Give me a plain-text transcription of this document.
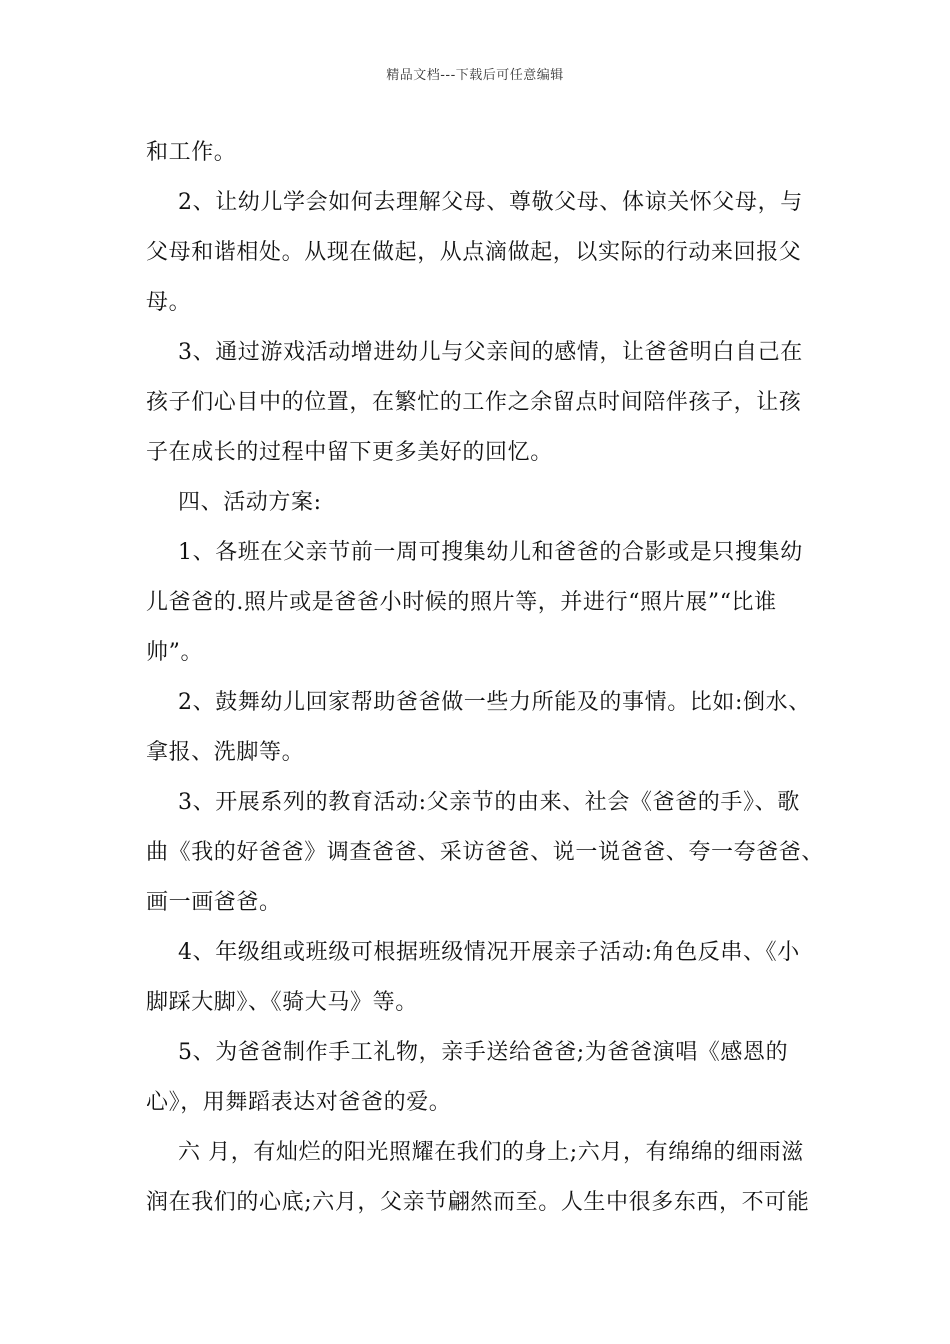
精品文档---下载后可任意编辑
和工作。
2、让幼儿学会如何去理解父母、尊敬父母、体谅关怀父母，与
父母和谐相处。从现在做起，从点滴做起，以实际的行动来回报父
母。
3、通过游戏活动增进幼儿与父亲间的感情，让爸爸明白自己在
孩子们心目中的位置，在繁忙的工作之余留点时间陪伴孩子，让孩
子在成长的过程中留下更多美好的回忆。
四、活动方案:
1、各班在父亲节前一周可搜集幼儿和爸爸的合影或是只搜集幼
儿爸爸的.照片或是爸爸小时候的照片等，并进行“照片展”“比谁
帅”。
2、鼓舞幼儿回家帮助爸爸做一些力所能及的事情。比如:倒水、
拿报、洗脚等。
3、开展系列的教育活动:父亲节的由来、社会《爸爸的手》、歌
曲《我的好爸爸》调查爸爸、采访爸爸、说一说爸爸、夸一夸爸爸、
画一画爸爸。
4、年级组或班级可根据班级情况开展亲子活动:角色反串、《小
脚踩大脚》、《骑大马》等。
5、为爸爸制作手工礼物，亲手送给爸爸;为爸爸演唱《感恩的
心》，用舞蹈表达对爸爸的爱。
六 月，有灿烂的阳光照耀在我们的身上;六月，有绵绵的细雨滋
润在我们的心底;六月，父亲节翩然而至。人生中很多东西，不可能
